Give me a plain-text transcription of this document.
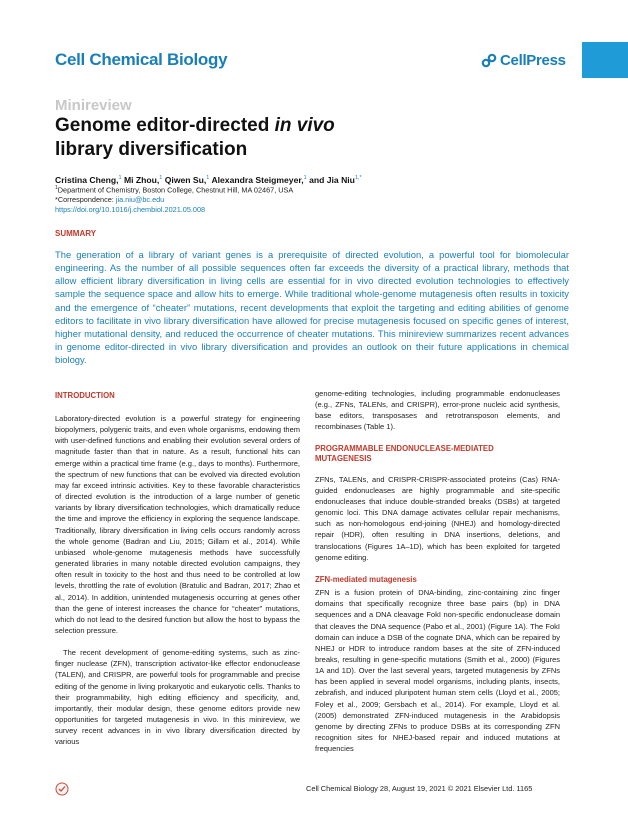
Cell Chemical Biology	CellPress
Minireview
Genome editor-directed in vivo
library diversification
Cristina Cheng,$^1$ Mi Zhou,$^1$ Qiwen Su,$^1$ Alexandra Steigmeyer,$^1$ and Jia Niu$^{1,*}$
$^1$Department of Chemistry, Boston College, Chestnut Hill, MA 02467, USA
*Correspondence: jia.niu@bc.edu
https://doi.org/10.1016/j.chembiol.2021.05.008
SUMMARY
The generation of a library of variant genes is a prerequisite of directed evolution, a powerful tool for biomolecular engineering. As the number of all possible sequences often far exceeds the diversity of a practical library, methods that allow efficient library diversification in living cells are essential for in vivo directed evolution technologies to effectively sample the sequence space and allow hits to emerge. While traditional whole-genome mutagenesis often results in toxicity and the emergence of “cheater” mutations, recent developments that exploit the targeting and editing abilities of genome editors to facilitate in vivo library diversification have allowed for precise mutagenesis focused on specific genes of interest, higher mutational density, and reduced the occurrence of cheater mutations. This minireview summarizes recent advances in genome editor-directed in vivo library diversification and provides an outlook on their future applications in chemical biology.
INTRODUCTION

Laboratory-directed evolution is a powerful strategy for engineering biopolymers, polygenic traits, and even whole organisms, endowing them with user-defined functions and enabling their evolution several orders of magnitude faster than that in nature. As a result, functional hits can emerge within a practical time frame (e.g., days to months). Furthermore, the spectrum of new functions that can be evolved via directed evolution may far exceed intrinsic activities. Key to these favorable characteristics of directed evolution is the introduction of a large number of genetic variants by library diversification technologies, which dramatically reduce the time and improve the efficiency in exploring the sequence landscape. Traditionally, library diversification in living cells occurs randomly across the whole genome (Badran and Liu, 2015; Gillam et al., 2014). While unbiased whole-genome mutagenesis methods have successfully generated libraries in many notable directed evolution campaigns, they often result in toxicity to the host and thus need to be controlled at low levels, throttling the rate of evolution (Bratulic and Badran, 2017; Zhao et al., 2014). In addition, unintended mutagenesis occurring at genes other than the gene of interest increases the chance for “cheater” mutations, which do not lead to the desired function but allow the host to bypass the selection pressure.

The recent development of genome-editing systems, such as zinc-finger nuclease (ZFN), transcription activator-like effector endonuclease (TALEN), and CRISPR, are powerful tools for programmable and precise editing of the genome in living prokaryotic and eukaryotic cells. Thanks to their programmability, high editing efficiency and specificity, and, importantly, their modular design, these genome editors provide new opportunities for targeted mutagenesis in vivo. In this minireview, we survey recent advances in in vivo library diversification directed by various

genome-editing technologies, including programmable endonucleases (e.g., ZFNs, TALENs, and CRISPR), error-prone nucleic acid synthesis, base editors, transposases and retrotransposon elements, and recombinases (Table 1).

PROGRAMMABLE ENDONUCLEASE-MEDIATED
MUTAGENESIS

ZFNs, TALENs, and CRISPR-CRISPR-associated proteins (Cas) RNA-guided endonucleases are highly programmable and site-specific endonucleases that induce double-stranded breaks (DSBs) at targeted genomic loci. This DNA damage activates cellular repair mechanisms, such as non-homologous end-joining (NHEJ) and homology-directed repair (HDR), often resulting in DNA insertions, deletions, and translocations (Figures 1A–1D), which has been exploited for targeted genome editing.

ZFN-mediated mutagenesis

ZFN is a fusion protein of DNA-binding, zinc-containing zinc finger domains that specifically recognize three base pairs (bp) in DNA sequences and a DNA cleavage FokI non-specific endonuclease domain that cleaves the DNA sequence (Pabo et al., 2001) (Figure 1A). The FokI domain can induce a DSB of the cognate DNA, which can be repaired by NHEJ or HDR to introduce random bases at the site of ZFN-induced breaks, resulting in gene-specific mutations (Smith et al., 2000) (Figures 1A and 1D). Over the last several years, targeted mutagenesis by ZFNs has been applied in several model organisms, including plants, insects, zebrafish, and induced pluripotent human stem cells (Lloyd et al., 2005; Foley et al., 2009; Gersbach et al., 2014). For example, Lloyd et al. (2005) demonstrated ZFN-induced mutagenesis in the Arabidopsis genome by directing ZFNs to produce DSBs at its corresponding ZFN recognition sites for NHEJ-based repair and induced mutations at frequencies

Cell Chemical Biology 28, August 19, 2021 © 2021 Elsevier Ltd. 1165
